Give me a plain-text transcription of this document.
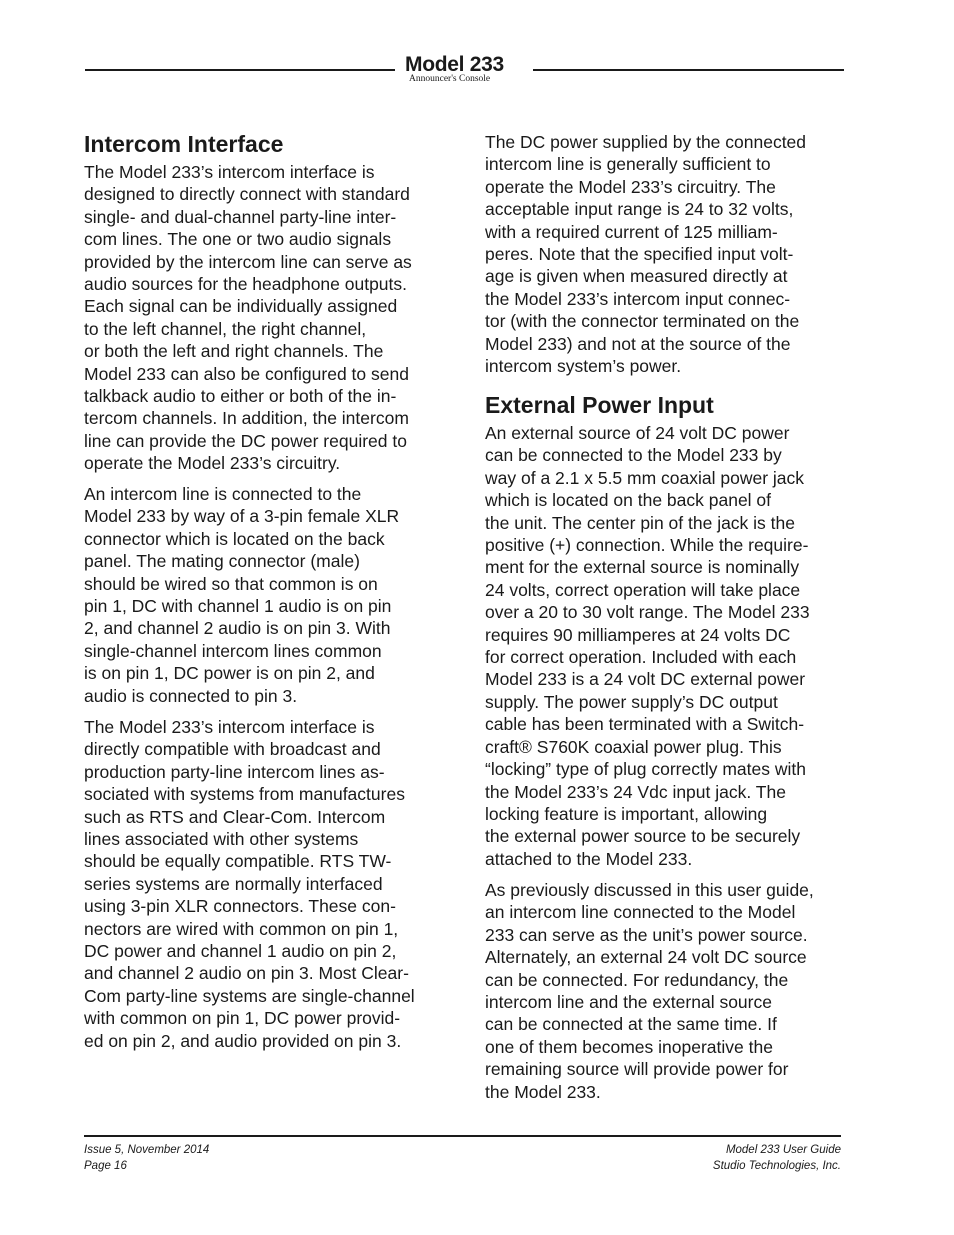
Model 233
Announcer's Console
Intercom Interface

The Model 233’s intercom interface is
designed to directly connect with standard
single- and dual-channel party-line inter-
com lines. The one or two audio signals
provided by the intercom line can serve as
audio sources for the headphone outputs.
Each signal can be individually assigned
to the left channel, the right channel,
or both the left and right channels. The
Model 233 can also be configured to send
talkback audio to either or both of the in-
tercom channels. In addition, the intercom
line can provide the DC power required to
operate the Model 233’s circuitry.

An intercom line is connected to the
Model 233 by way of a 3-pin female XLR
connector which is located on the back
panel. The mating connector (male)
should be wired so that common is on
pin 1, DC with channel 1 audio is on pin
2, and channel 2 audio is on pin 3. With
single-channel intercom lines common
is on pin 1, DC power is on pin 2, and
audio is connected to pin 3.

The Model 233’s intercom interface is
directly compatible with broadcast and
production party-line intercom lines as-
sociated with systems from manufactures
such as RTS and Clear-Com. Intercom
lines associated with other systems
should be equally compatible. RTS TW-
series systems are normally interfaced
using 3-pin XLR connectors. These con-
nectors are wired with common on pin 1,
DC power and channel 1 audio on pin 2,
and channel 2 audio on pin 3. Most Clear-
Com party-line systems are single-channel
with common on pin 1, DC power provid-
ed on pin 2, and audio provided on pin 3.

The DC power supplied by the connected
intercom line is generally sufficient to
operate the Model 233’s circuitry. The
acceptable input range is 24 to 32 volts,
with a required current of 125 milliam-
peres. Note that the specified input volt-
age is given when measured directly at
the Model 233’s intercom input connec-
tor (with the connector terminated on the
Model 233) and not at the source of the
intercom system’s power.

External Power Input

An external source of 24 volt DC power
can be connected to the Model 233 by
way of a 2.1 x 5.5 mm coaxial power jack
which is located on the back panel of
the unit. The center pin of the jack is the
positive (+) connection. While the require-
ment for the external source is nominally
24 volts, correct operation will take place
over a 20 to 30 volt range. The Model 233
requires 90 milliamperes at 24 volts DC
for correct operation. Included with each
Model 233 is a 24 volt DC external power
supply. The power supply’s DC output
cable has been terminated with a Switch-
craft® S760K coaxial power plug. This
“locking” type of plug correctly mates with
the Model 233’s 24 Vdc input jack. The
locking feature is important, allowing
the external power source to be securely
attached to the Model 233.

As previously discussed in this user guide,
an intercom line connected to the Model
233 can serve as the unit’s power source.
Alternately, an external 24 volt DC source
can be connected. For redundancy, the
intercom line and the external source
can be connected at the same time. If
one of them becomes inoperative the
remaining source will provide power for
the Model 233.

Issue 5, November 2014
Page 16
Model 233 User Guide
Studio Technologies, Inc.
